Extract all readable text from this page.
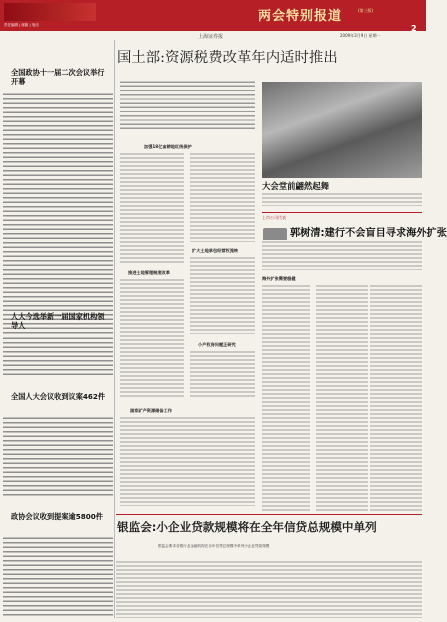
责任编辑 | 邮箱 | 电话
两会特别报道	(第三版)
2
上海证券报	2009年3月9日 星期一
全国政协十一届二次会议举行开幕
人大今选举新一届国家机构领导人
全国人大会议收到议案462件
政协会议收到提案逾5800件
国土部:资源税费改革年内适时推出
加强18亿亩耕地红线保护
推进土地管理制度改革
扩大土地承包经营权流转
小产权房问题正研究
国家矿产资源储备工作
大会堂前翩然起舞
上市公司代表
郭树清:建行不会盲目寻求海外扩张
海外扩张需要稳健
银监会:小企业贷款规模将在全年信贷总规模中单列
银监会要求各银行业金融机构在全年信贷总规模中单列小企业贷款规模
